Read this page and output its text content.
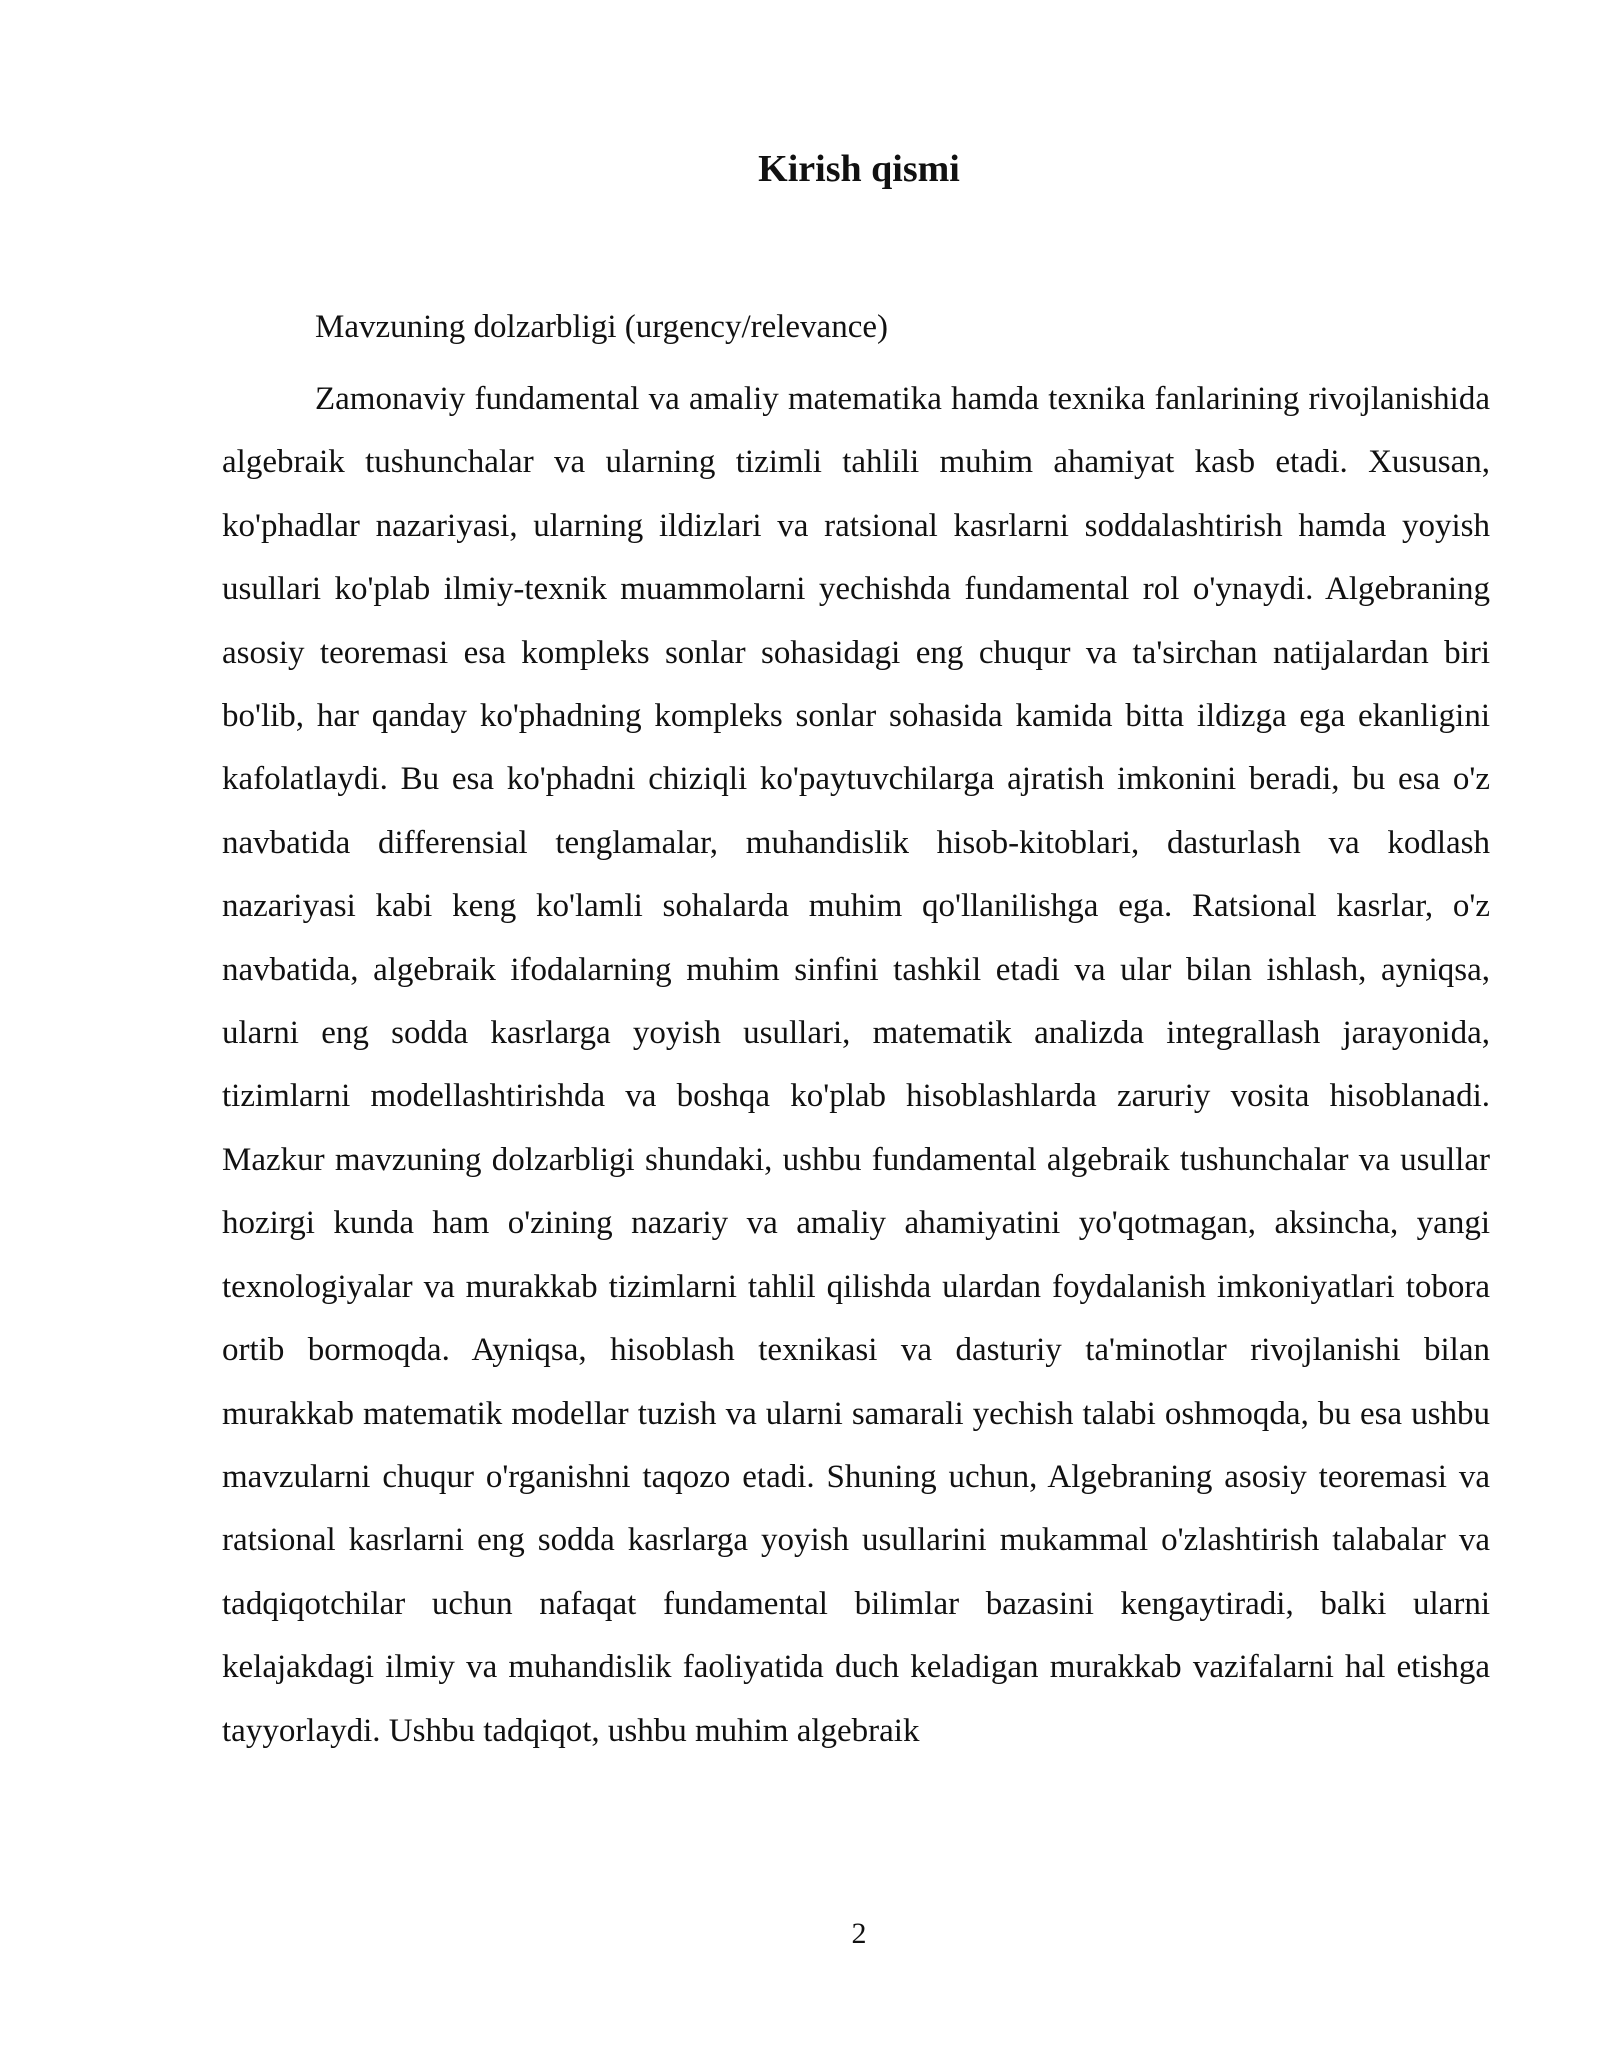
Kirish qismi

Mavzuning dolzarbligi (urgency/relevance)

Zamonaviy fundamental va amaliy matematika hamda texnika fanlarining rivojlanishida algebraik tushunchalar va ularning tizimli tahlili muhim ahamiyat kasb etadi. Xususan, ko'phadlar nazariyasi, ularning ildizlari va ratsional kasrlarni soddalashtirish hamda yoyish usullari ko'plab ilmiy-texnik muammolarni yechishda fundamental rol o'ynaydi. Algebraning asosiy teoremasi esa kompleks sonlar sohasidagi eng chuqur va ta'sirchan natijalardan biri bo'lib, har qanday ko'phadning kompleks sonlar sohasida kamida bitta ildizga ega ekanligini kafolatlaydi. Bu esa ko'phadni chiziqli ko'paytuvchilarga ajratish imkonini beradi, bu esa o'z navbatida differensial tenglamalar, muhandislik hisob-kitoblari, dasturlash va kodlash nazariyasi kabi keng ko'lamli sohalarda muhim qo'llanilishga ega. Ratsional kasrlar, o'z navbatida, algebraik ifodalarning muhim sinfini tashkil etadi va ular bilan ishlash, ayniqsa, ularni eng sodda kasrlarga yoyish usullari, matematik analizda integrallash jarayonida, tizimlarni modellashtirishda va boshqa ko'plab hisoblashlarda zaruriy vosita hisoblanadi. Mazkur mavzuning dolzarbligi shundaki, ushbu fundamental algebraik tushunchalar va usullar hozirgi kunda ham o'zining nazariy va amaliy ahamiyatini yo'qotmagan, aksincha, yangi texnologiyalar va murakkab tizimlarni tahlil qilishda ulardan foydalanish imkoniyatlari tobora ortib bormoqda. Ayniqsa, hisoblash texnikasi va dasturiy ta'minotlar rivojlanishi bilan murakkab matematik modellar tuzish va ularni samarali yechish talabi oshmoqda, bu esa ushbu mavzularni chuqur o'rganishni taqozo etadi. Shuning uchun, Algebraning asosiy teoremasi va ratsional kasrlarni eng sodda kasrlarga yoyish usullarini mukammal o'zlashtirish talabalar va tadqiqotchilar uchun nafaqat fundamental bilimlar bazasini kengaytiradi, balki ularni kelajakdagi ilmiy va muhandislik faoliyatida duch keladigan murakkab vazifalarni hal etishga tayyorlaydi. Ushbu tadqiqot, ushbu muhim algebraik

2
